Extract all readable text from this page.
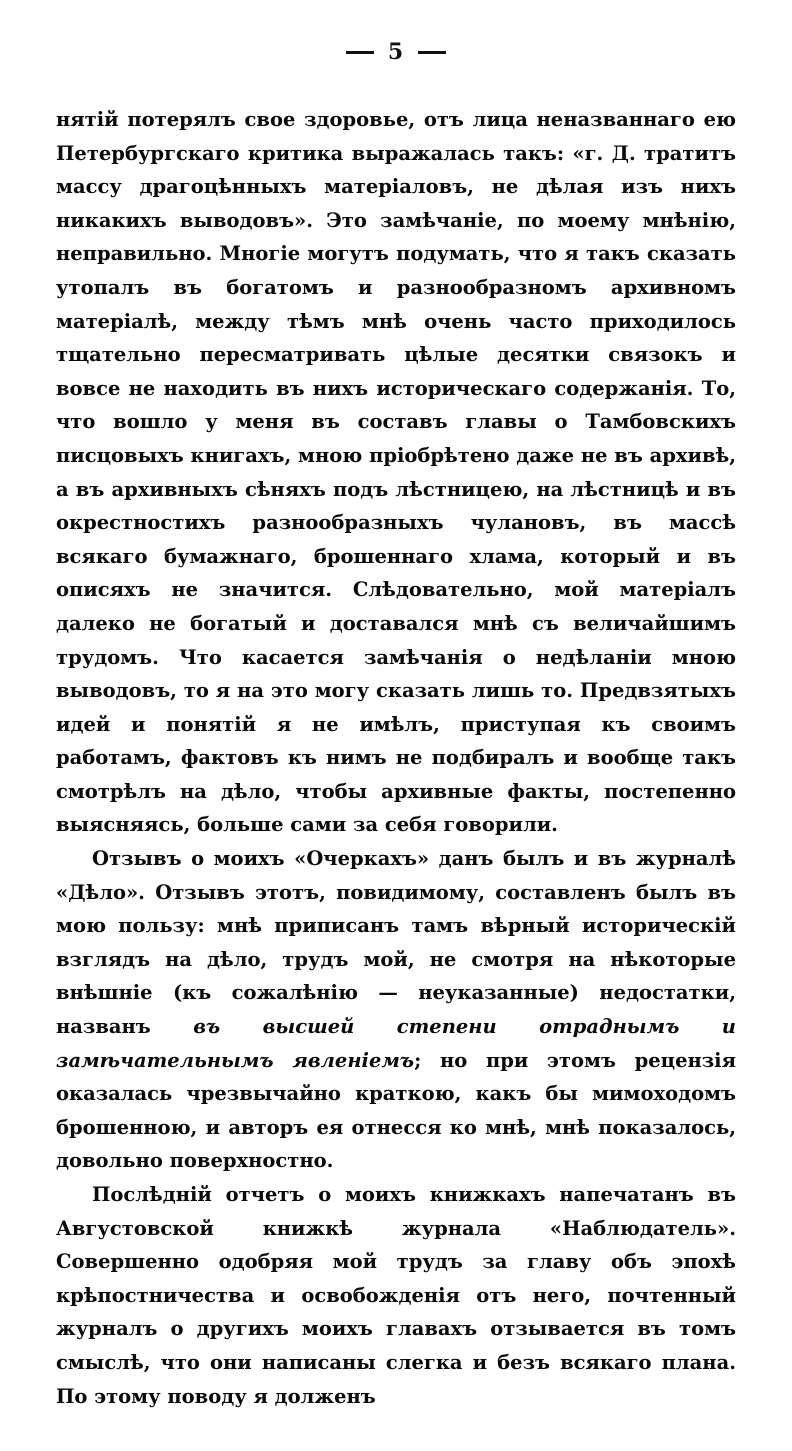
5

нятій потерялъ свое здоровье, отъ лица неназваннаго ею Петербургскаго критика выражалась такъ: «г. Д. тратитъ массу драгоцѣнныхъ матеріаловъ, не дѣлая изъ нихъ никакихъ выводовъ». Это замѣчаніе, по моему мнѣнію, неправильно. Многіе могутъ подумать, что я такъ сказать утопалъ въ богатомъ и разнообразномъ архивномъ матеріалѣ, между тѣмъ мнѣ очень часто приходилось тщательно пересматривать цѣлые десятки связокъ и вовсе не находить въ нихъ историческаго содержанія. То, что вошло у меня въ составъ главы о Тамбовскихъ писцовыхъ книгахъ, мною пріобрѣтено даже не въ архивѣ, а въ архивныхъ сѣняхъ подъ лѣстницею, на лѣстницѣ и въ окрестностихъ разнообразныхъ чулановъ, въ массѣ всякаго бумажнаго, брошеннаго хлама, который и въ описяхъ не значится. Слѣдовательно, мой матеріалъ далеко не богатый и доставался мнѣ съ величайшимъ трудомъ. Что касается замѣчанія о недѣланіи мною выводовъ, то я на это могу сказать лишь то. Предвзятыхъ идей и понятій я не имѣлъ, приступая къ своимъ работамъ, фактовъ къ нимъ не подбиралъ и вообще такъ смотрѣлъ на дѣло, чтобы архивные факты, постепенно выясняясь, больше сами за себя говорили.

Отзывъ о моихъ «Очеркахъ» данъ былъ и въ журналѣ «Дѣло». Отзывъ этотъ, повидимому, составленъ былъ въ мою пользу: мнѣ приписанъ тамъ вѣрный историческій взглядъ на дѣло, трудъ мой, не смотря на нѣкоторые внѣшніе (къ сожалѣнію — неуказанные) недостатки, названъ въ высшей степени отраднымъ и замѣчательнымъ явленіемъ; но при этомъ рецензія оказалась чрезвычайно краткою, какъ бы мимоходомъ брошенною, и авторъ ея отнесся ко мнѣ, мнѣ показалось, довольно поверхностно.

Послѣдній отчетъ о моихъ книжкахъ напечатанъ въ Августовской книжкѣ журнала «Наблюдатель». Совершенно одобряя мой трудъ за главу объ эпохѣ крѣпостничества и освобожденія отъ него, почтенный журналъ о другихъ моихъ главахъ отзывается въ томъ смыслѣ, что они написаны слегка и безъ всякаго плана. По этому поводу я долженъ
